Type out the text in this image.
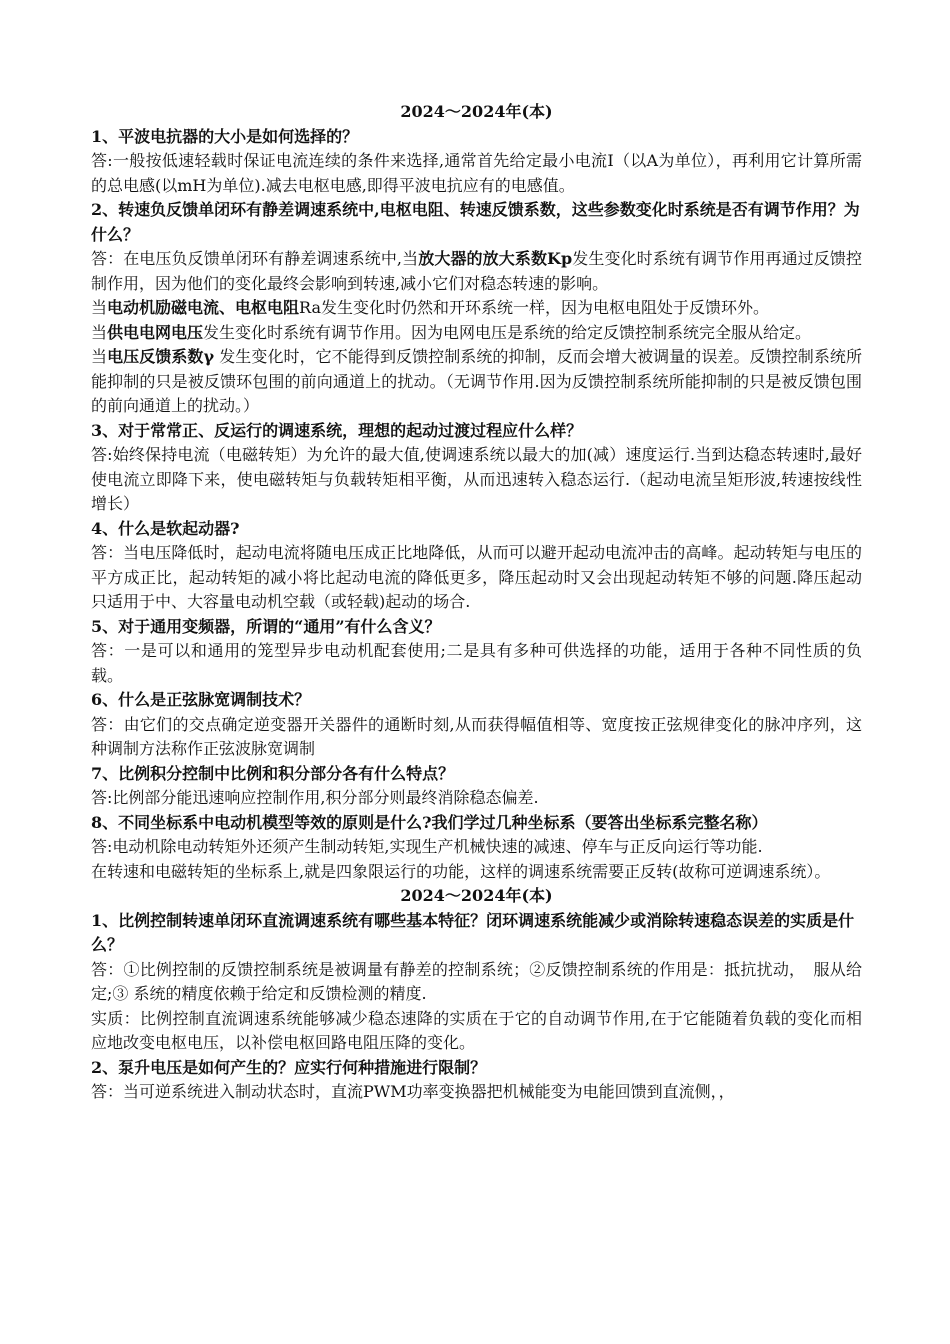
2024～2024年(本)
1、平波电抗器的大小是如何选择的？
答:一般按低速轻载时保证电流连续的条件来选择,通常首先给定最小电流I（以A为单位），再利用它计算所需的总电感(以mH为单位).减去电枢电感,即得平波电抗应有的电感值。
2、转速负反馈单闭环有静差调速系统中,电枢电阻、转速反馈系数，这些参数变化时系统是否有调节作用？为什么？
答：在电压负反馈单闭环有静差调速系统中,当放大器的放大系数Kp发生变化时系统有调节作用再通过反馈控制作用，因为他们的变化最终会影响到转速,减小它们对稳态转速的影响。
当电动机励磁电流、电枢电阻Ra发生变化时仍然和开环系统一样，因为电枢电阻处于反馈环外。
当供电电网电压发生变化时系统有调节作用。因为电网电压是系统的给定反馈控制系统完全服从给定。
当电压反馈系数γ 发生变化时，它不能得到反馈控制系统的抑制，反而会增大被调量的误差。反馈控制系统所能抑制的只是被反馈环包围的前向通道上的扰动。（无调节作用.因为反馈控制系统所能抑制的只是被反馈包围的前向通道上的扰动。）
3、对于常常正、反运行的调速系统，理想的起动过渡过程应什么样？
答:始终保持电流（电磁转矩）为允许的最大值,使调速系统以最大的加(减）速度运行.当到达稳态转速时,最好使电流立即降下来，使电磁转矩与负载转矩相平衡，从而迅速转入稳态运行.（起动电流呈矩形波,转速按线性增长）
4、什么是软起动器?
答：当电压降低时，起动电流将随电压成正比地降低，从而可以避开起动电流冲击的高峰。起动转矩与电压的平方成正比，起动转矩的减小将比起动电流的降低更多，降压起动时又会出现起动转矩不够的问题.降压起动只适用于中、大容量电动机空载（或轻载)起动的场合.
5、对于通用变频器，所谓的“通用”有什么含义？
答：一是可以和通用的笼型异步电动机配套使用;二是具有多种可供选择的功能，适用于各种不同性质的负载。
6、什么是正弦脉宽调制技术？
答：由它们的交点确定逆变器开关器件的通断时刻,从而获得幅值相等、宽度按正弦规律变化的脉冲序列，这种调制方法称作正弦波脉宽调制
7、比例积分控制中比例和积分部分各有什么特点？
答:比例部分能迅速响应控制作用,积分部分则最终消除稳态偏差.
8、不同坐标系中电动机模型等效的原则是什么?我们学过几种坐标系（要答出坐标系完整名称）
答:电动机除电动转矩外还须产生制动转矩,实现生产机械快速的减速、停车与正反向运行等功能.
在转速和电磁转矩的坐标系上,就是四象限运行的功能，这样的调速系统需要正反转(故称可逆调速系统）。
2024～2024年(本)
1、比例控制转速单闭环直流调速系统有哪些基本特征？闭环调速系统能减少或消除转速稳态误差的实质是什么？
答：①比例控制的反馈控制系统是被调量有静差的控制系统；②反馈控制系统的作用是：抵抗扰动，　服从给定;③ 系统的精度依赖于给定和反馈检测的精度.
实质：比例控制直流调速系统能够减少稳态速降的实质在于它的自动调节作用,在于它能随着负载的变化而相应地改变电枢电压，以补偿电枢回路电阻压降的变化。
2、泵升电压是如何产生的？应实行何种措施进行限制？
答：当可逆系统进入制动状态时，直流PWM功率变换器把机械能变为电能回馈到直流侧，，
